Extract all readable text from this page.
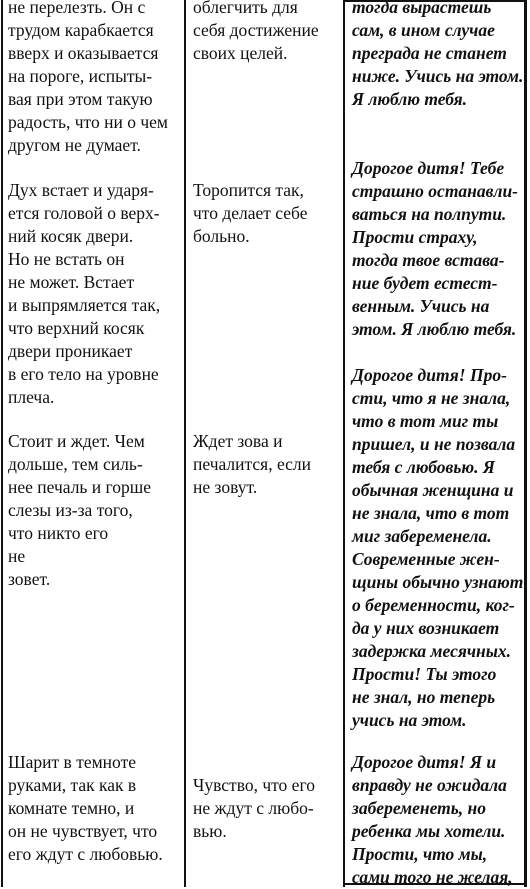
не перелезть. Он с
трудом карабкается
вверх и оказывается
на пороге, испыты-
вая при этом такую
радость, что ни о чем
другом не думает.
облегчить для
себя достижение
своих целей.
тогда вырастешь
сам, в ином случае
преграда не станет
ниже. Учись на этом.
Я люблю тебя.
Дух встает и ударя-
ется головой о верх-
ний косяк двери.
Но не встать он
не может. Встает
и выпрямляется так,
что верхний косяк
двери проникает
в его тело на уровне
плеча.
Торопится так,
что делает себе
больно.
Дорогое дитя! Тебе
страшно останавли-
ваться на полпути.
Прости страху,
тогда твое встава-
ние будет естест-
венным. Учись на
этом. Я люблю тебя.
Дорогое дитя! Про-
сти, что я не знала,
что в тот миг ты
пришел, и не позвала
тебя с любовью. Я
обычная женщина и
не знала, что в тот
миг забеременела.
Современные жен-
щины обычно узнают
о беременности, ког-
да у них возникает
задержка месячных.
Прости! Ты этого
не знал, но теперь
учись на этом.
Стоит и ждет. Чем
дольше, тем силь-
нее печаль и горше
слезы из-за того,
что никто его
не
зовет.
Ждет зова и
печалится, если
не зовут.
Шарит в темноте
руками, так как в
комнате темно, и
он не чувствует, что
его ждут с любовью.
Чувство, что его
не ждут с любо-
вью.
Дорогое дитя! Я и
вправду не ожидала
забеременеть, но
ребенка мы хотели.
Прости, что мы,
сами того не желая,
